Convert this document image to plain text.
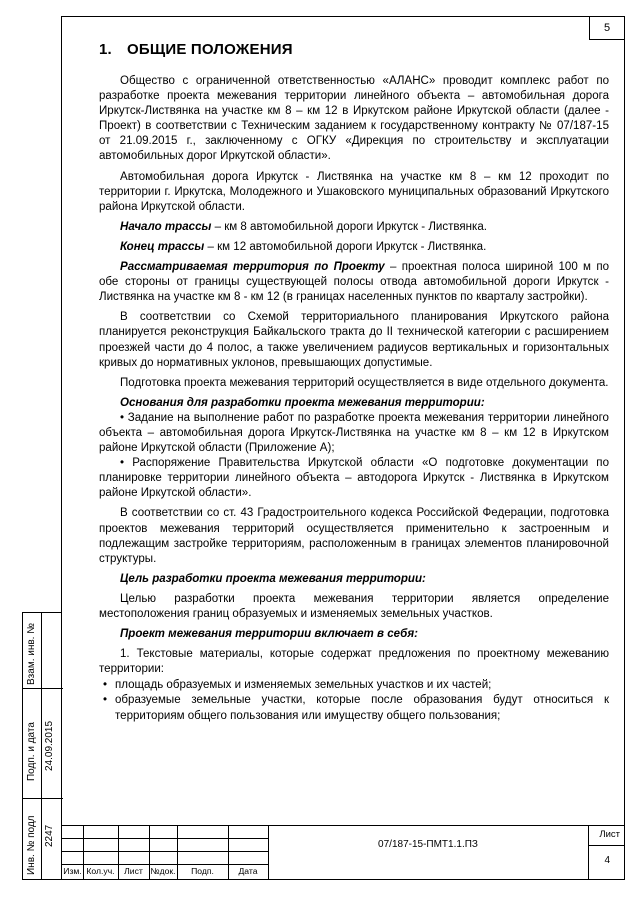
5
1. ОБЩИЕ ПОЛОЖЕНИЯ

Общество с ограниченной ответственностью «АЛАНС» проводит комплекс работ по разработке проекта межевания территории линейного объекта – автомобильная дорога Иркутск-Листвянка на участке км 8 – км 12 в Иркутском районе Иркутской области (далее - Проект) в соответствии с Техническим заданием к государственному контракту № 07/187-15 от 21.09.2015 г., заключенному с ОГКУ «Дирекция по строительству и эксплуатации автомобильных дорог Иркутской области».

Автомобильная дорога Иркутск - Листвянка на участке км 8 – км 12 проходит по территории г. Иркутска, Молодежного и Ушаковского муниципальных образований Иркутского района Иркутской области.

Начало трассы – км 8 автомобильной дороги Иркутск - Листвянка.

Конец трассы – км 12 автомобильной дороги Иркутск - Листвянка.

Рассматриваемая территория по Проекту – проектная полоса шириной 100 м по обе стороны от границы существующей полосы отвода автомобильной дороги Иркутск - Листвянка на участке км 8 - км 12 (в границах населенных пунктов по кварталу застройки).

В соответствии со Схемой территориального планирования Иркутского района планируется реконструкция Байкальского тракта до II технической категории с расширением проезжей части до 4 полос, а также увеличением радиусов вертикальных и горизонтальных кривых до нормативных уклонов, превышающих допустимые.

Подготовка проекта межевания территорий осуществляется в виде отдельного документа.

Основания для разработки проекта межевания территории:

• Задание на выполнение работ по разработке проекта межевания территории линейного объекта – автомобильная дорога Иркутск-Листвянка на участке км 8 – км 12 в Иркутском районе Иркутской области (Приложение А);

• Распоряжение Правительства Иркутской области «О подготовке документации по планировке территории линейного объекта – автодорога Иркутск - Листвянка в Иркутском районе Иркутской области».

В соответствии со ст. 43 Градостроительного кодекса Российской Федерации, подготовка проектов межевания территорий осуществляется применительно к застроенным и подлежащим застройке территориям, расположенным в границах элементов планировочной структуры.

Цель разработки проекта межевания территории:

Целью разработки проекта межевания территории является определение местоположения границ образуемых и изменяемых земельных участков.

Проект межевания территории включает в себя:

1. Текстовые материалы, которые содержат предложения по проектному межеванию территории:

• площадь образуемых и изменяемых земельных участков и их частей;
• образуемые земельные участки, которые после образования будут относиться к территориям общего пользования или имуществу общего пользования;
Изм. Кол.уч.	Лист №док.	Подп.	Дата
07/187-15-ПМТ1.1.ПЗ
Лист
4
Взам. инв. №
Подп. и дата 24.09.2015
Инв. № подл 2247
